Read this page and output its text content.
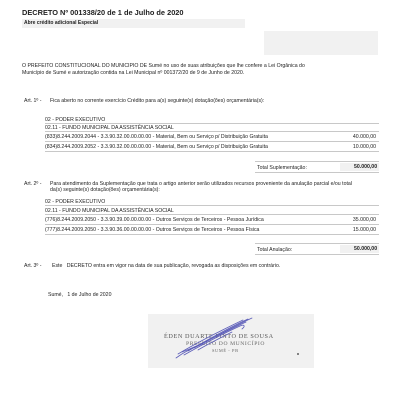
DECRETO Nº 001338/20 de 1 de Julho de 2020
Abre crédito adicional Especial
O PREFEITO CONSTITUCIONAL DO MUNICIPIO DE Sumé no uso de suas atribuições que lhe confere a Lei Orgânica do
Município de Sumé e autorização contida na Lei Municipal nº 001372/20 de 9 de Junho de 2020.
Art. 1º - Fica aberto no corrente exercício Crédito para a(s) seguinte(s) dotação(ões) orçamentária(s):
02 - PODER EXECUTIVO
02.11 - FUNDO MUNICIPAL DA ASSISTÊNCIA SOCIAL
(833)8.244.2009.2044 - 3.3.90.32.00.00.00.00 - Material, Bem ou Serviço p/ Distribuição Gratuita	40.000,00
(834)8.244.2009.2052 - 3.3.90.32.00.00.00.00 - Material, Bem ou Serviço p/ Distribuição Gratuita	10.000,00
Total Suplementação:	50.000,00
Art. 2º - Para atendimento da Suplementação que trata o artigo anterior serão utilizados recursos proveniente da anulação parcial e/ou total
da(s) seguinte(s) dotação(ões) orçamentária(s):
02 - PODER EXECUTIVO
02.11 - FUNDO MUNICIPAL DA ASSISTÊNCIA SOCIAL
(776)8.244.2009.2050 - 3.3.90.39.00.00.00.00 - Outros Serviços de Terceiros - Pessoa Jurídica	35.000,00
(777)8.244.2009.2050 - 3.3.90.36.00.00.00.00 - Outros Serviços de Terceiros - Pessoa Física	15.000,00
Total Anulação:	50.000,00
Art. 3º - Este   DECRETO entra em vigor na data de sua publicação, revogada as disposições em contrário.
Sumé,   1 de Julho de 2020
ÉDEN DUARTE PINTO DE SOUSA
PREFEITO DO MUNICÍPIO
SUMÉ - PB
